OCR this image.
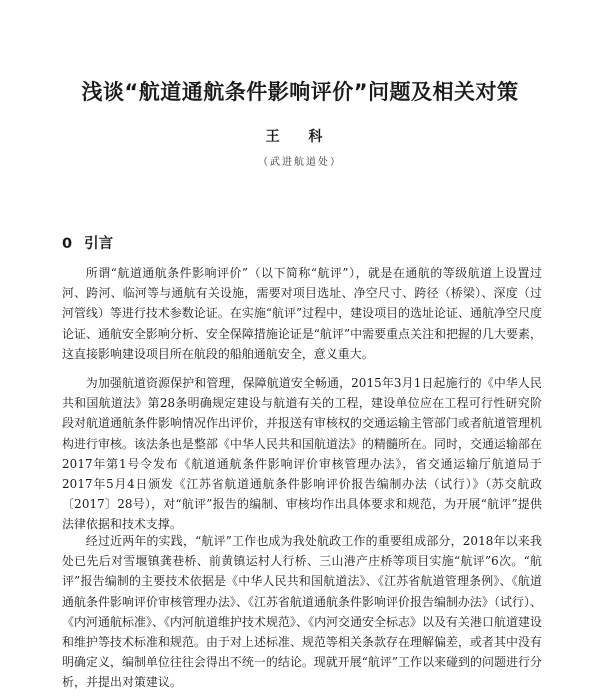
浅谈“航道通航条件影响评价”问题及相关对策
王 科
（武进航道处）
0 引言

所谓“航道通航条件影响评价”（以下简称“航评”），就是在通航的等级航道上设置过河、跨河、临河等与通航有关设施，需要对项目选址、净空尺寸、跨径（桥梁）、深度（过河管线）等进行技术参数论证。在实施“航评”过程中，建设项目的选址论证、通航净空尺度论证、通航安全影响分析、安全保障措施论证是“航评”中需要重点关注和把握的几大要素，这直接影响建设项目所在航段的船舶通航安全，意义重大。

为加强航道资源保护和管理，保障航道安全畅通，2015年3月1日起施行的《中华人民共和国航道法》第28条明确规定建设与航道有关的工程，建设单位应在工程可行性研究阶段对航道通航条件影响情况作出评价，并报送有审核权的交通运输主管部门或者航道管理机构进行审核。该法条也是整部《中华人民共和国航道法》的精髓所在。同时，交通运输部在2017年第1号令发布《航道通航条件影响评价审核管理办法》，省交通运输厅航道局于2017年5月4日颁发《江苏省航道通航条件影响评价报告编制办法（试行）》（苏交航政〔2017〕28号），对“航评”报告的编制、审核均作出具体要求和规范，为开展“航评”提供法律依据和技术支撑。

经过近两年的实践，“航评”工作也成为我处航政工作的重要组成部分，2018年以来我处已先后对雪堰镇龚巷桥、前黄镇运村人行桥、三山港产庄桥等项目实施“航评”6次。“航评”报告编制的主要技术依据是《中华人民共和国航道法》、《江苏省航道管理条例》、《航道通航条件影响评价审核管理办法》、《江苏省航道通航条件影响评价报告编制办法》（试行）、《内河通航标准》、《内河航道维护技术规范》、《内河交通安全标志》以及有关港口航道建设和维护等技术标准和规范。由于对上述标准、规范等相关条款存在理解偏差，或者其中没有明确定义，编制单位往往会得出不统一的结论。现就开展“航评”工作以来碰到的问题进行分析，并提出对策建议。
